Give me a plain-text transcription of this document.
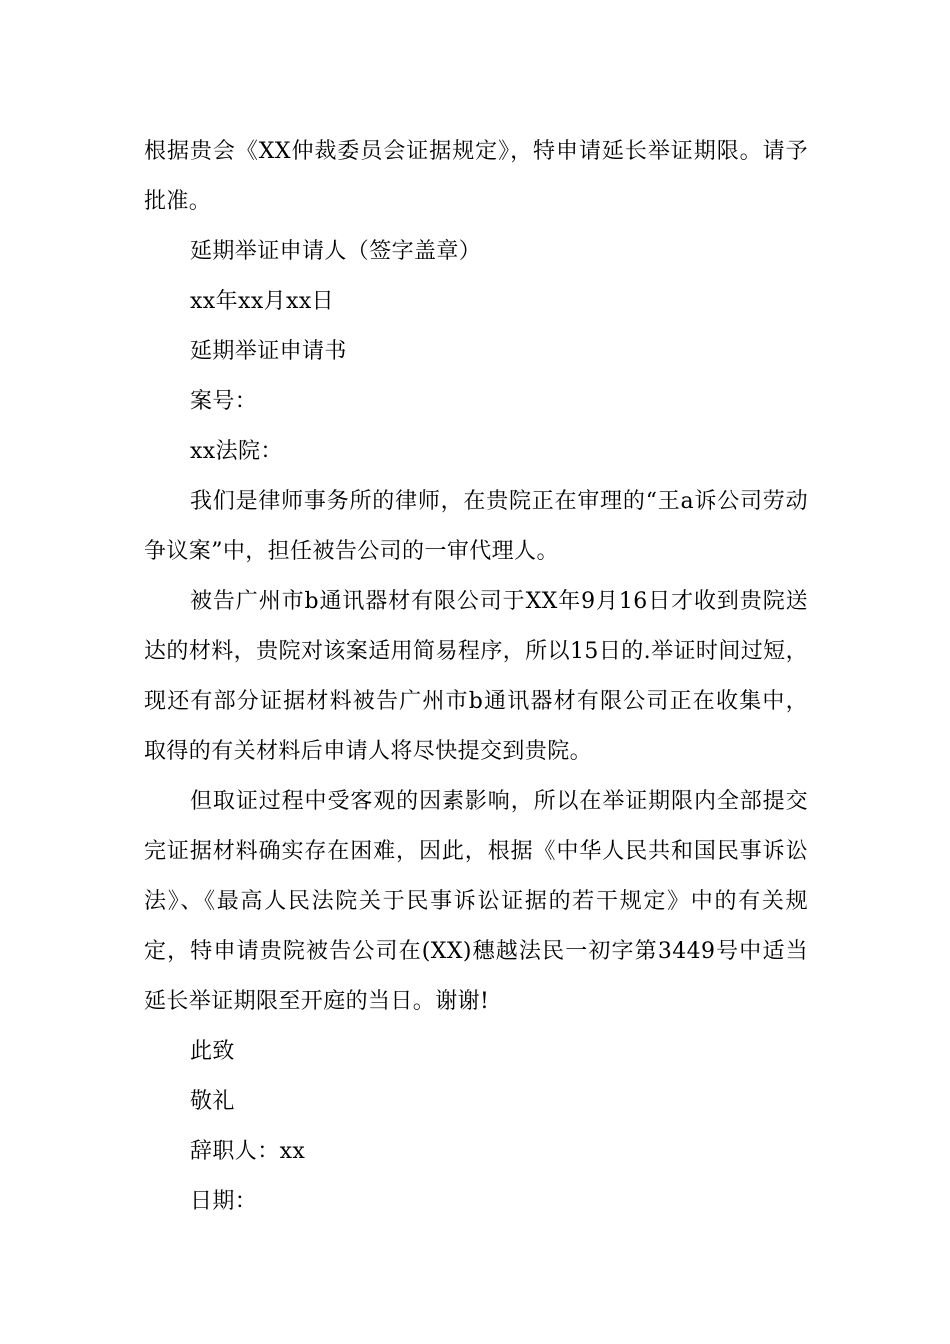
根据贵会《XX仲裁委员会证据规定》，特申请延长举证期限。请予批准。

延期举证申请人（签字盖章）

xx年xx月xx日

延期举证申请书

案号：

xx法院：

我们是律师事务所的律师，在贵院正在审理的“王a诉公司劳动争议案”中，担任被告公司的一审代理人。

被告广州市b通讯器材有限公司于XX年9月16日才收到贵院送达的材料，贵院对该案适用简易程序，所以15日的.举证时间过短，现还有部分证据材料被告广州市b通讯器材有限公司正在收集中，取得的有关材料后申请人将尽快提交到贵院。

但取证过程中受客观的因素影响，所以在举证期限内全部提交完证据材料确实存在困难，因此，根据《中华人民共和国民事诉讼法》、《最高人民法院关于民事诉讼证据的若干规定》中的有关规定，特申请贵院被告公司在(XX)穗越法民一初字第3449号中适当延长举证期限至开庭的当日。谢谢!

此致

敬礼

辞职人：xx

日期：
